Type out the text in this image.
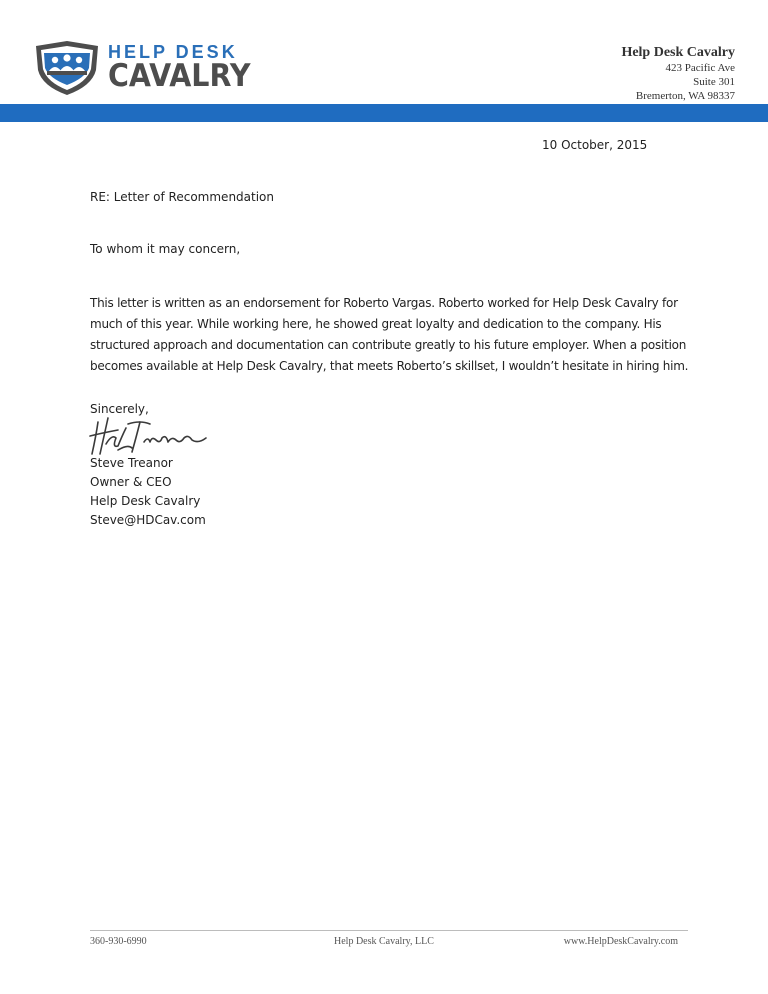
HELP DESK
CAVALRY
Help Desk Cavalry
423 Pacific Ave
Suite 301
Bremerton, WA 98337
10 October, 2015
RE: Letter of Recommendation
To whom it may concern,
This letter is written as an endorsement for Roberto Vargas. Roberto worked for Help Desk Cavalry for
much of this year. While working here, he showed great loyalty and dedication to the company. His
structured approach and documentation can contribute greatly to his future employer. When a position
becomes available at Help Desk Cavalry, that meets Roberto’s skillset, I wouldn’t hesitate in hiring him.
Sincerely,
Steve Treanor
Owner & CEO
Help Desk Cavalry
Steve@HDCav.com
360-930-6990	Help Desk Cavalry, LLC	www.HelpDeskCavalry.com
